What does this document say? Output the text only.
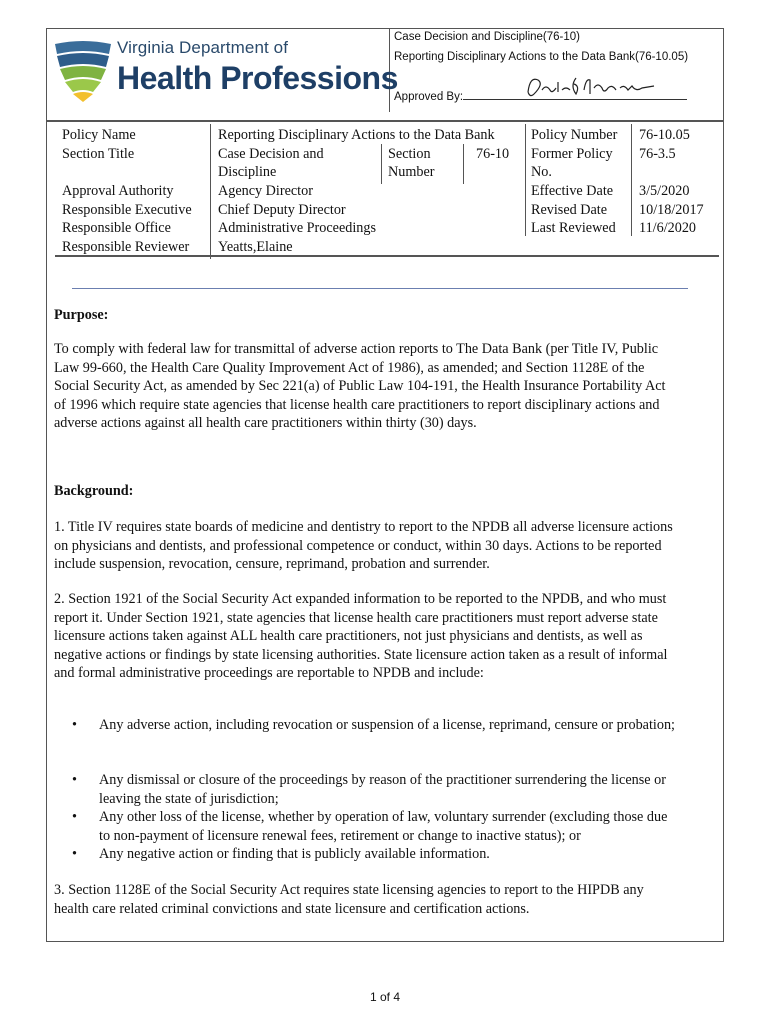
Virginia Department of
Health Professions
Case Decision and Discipline(76-10)
Reporting Disciplinary Actions to the Data Bank(76-10.05)
Approved By:
Policy Name
Section Title
Approval Authority
Responsible Executive
Responsible Office
Responsible Reviewer
Reporting Disciplinary Actions to the Data Bank
Case Decision and
Discipline
Section
Number
76-10
Agency Director
Chief Deputy Director
Administrative Proceedings
Yeatts,Elaine
Policy Number
Former Policy
No.
Effective Date
Revised Date
Last Reviewed
76-10.05
76-3.5
3/5/2020
10/18/2017
11/6/2020
Purpose:

To comply with federal law for transmittal of adverse action reports to The Data Bank (per Title IV, Public

Law 99-660, the Health Care Quality Improvement Act of 1986), as amended; and Section 1128E of the

Social Security Act, as amended by Sec 221(a) of Public Law 104-191, the Health Insurance Portability Act

of 1996 which require state agencies that license health care practitioners to report disciplinary actions and

adverse actions against all health care practitioners within thirty (30) days.

Background:

1. Title IV requires state boards of medicine and dentistry to report to the NPDB all adverse licensure actions

on physicians and dentists, and professional competence or conduct, within 30 days. Actions to be reported

include suspension, revocation, censure, reprimand, probation and surrender.

2. Section 1921 of the Social Security Act expanded information to be reported to the NPDB, and who must

report it. Under Section 1921, state agencies that license health care practitioners must report adverse state

licensure actions taken against ALL health care practitioners, not just physicians and dentists, as well as

negative actions or findings by state licensing authorities. State licensure action taken as a result of informal

and formal administrative proceedings are reportable to NPDB and include:

• Any adverse action, including revocation or suspension of a license, reprimand, censure or probation;
• Any dismissal or closure of the proceedings by reason of the practitioner surrendering the license or
leaving the state of jurisdiction;
• Any other loss of the license, whether by operation of law, voluntary surrender (excluding those due
to non-payment of licensure renewal fees, retirement or change to inactive status); or
• Any negative action or finding that is publicly available information.

3. Section 1128E of the Social Security Act requires state licensing agencies to report to the HIPDB any

health care related criminal convictions and state licensure and certification actions.

1 of 4
